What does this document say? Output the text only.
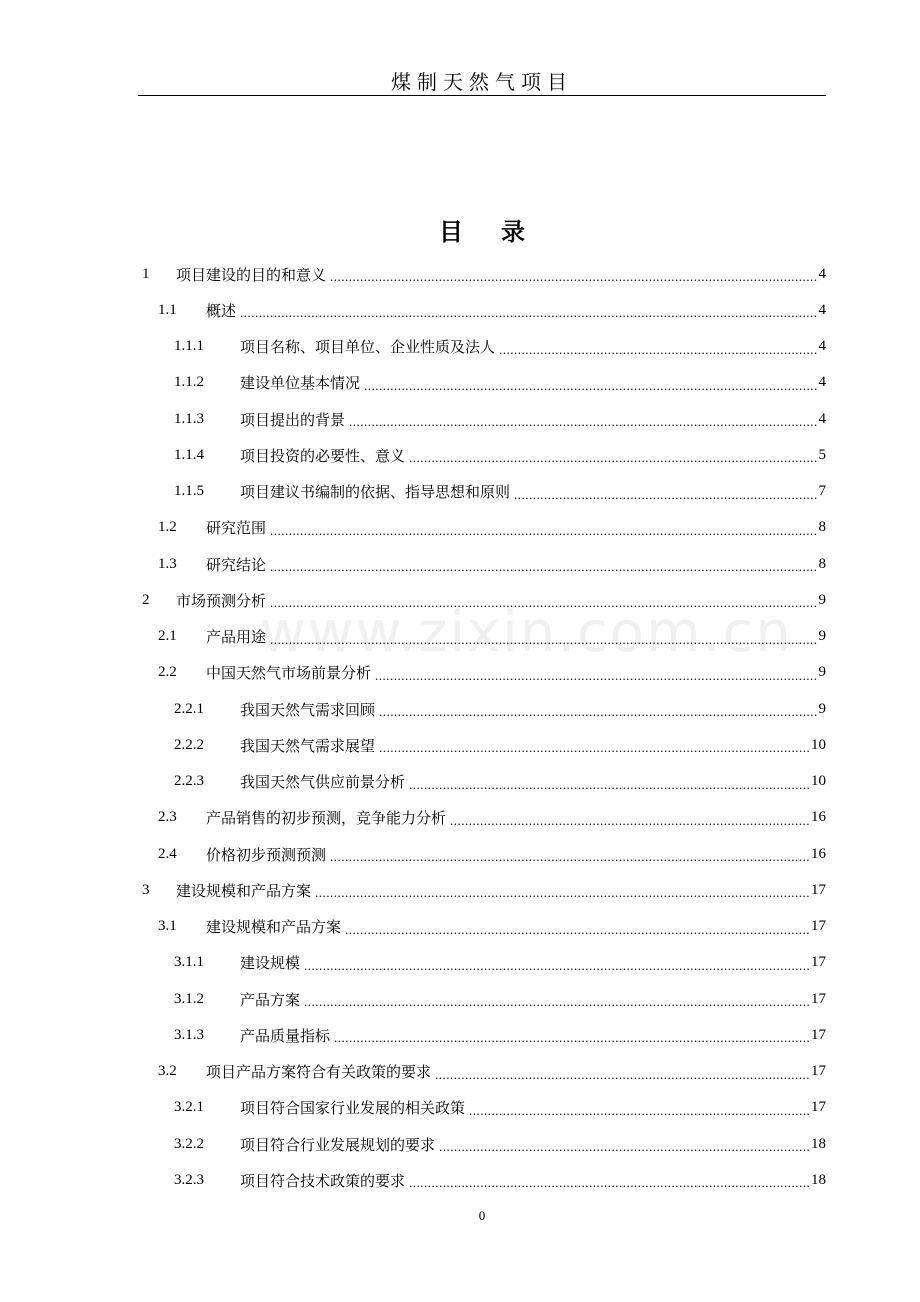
煤制天然气项目
目 录
www.zixin.com.cn
1	项目建设的目的和意义 .....	4
1.1	概述 .....	4
1.1.1	项目名称、项目单位、企业性质及法人 .....	4
1.1.2	建设单位基本情况 .....	4
1.1.3	项目提出的背景 .....	4
1.1.4	项目投资的必要性、意义 .....	5
1.1.5	项目建议书编制的依据、指导思想和原则 .....	7
1.2	研究范围 .....	8
1.3	研究结论 .....	8
2	市场预测分析 .....	9
2.1	产品用途 .....	9
2.2	中国天然气市场前景分析 .....	9
2.2.1	我国天然气需求回顾 .....	9
2.2.2	我国天然气需求展望 .....	10
2.2.3	我国天然气供应前景分析 .....	10
2.3	产品销售的初步预测，竞争能力分析 .....	16
2.4	价格初步预测预测 .....	16
3	建设规模和产品方案 .....	17
3.1	建设规模和产品方案 .....	17
3.1.1	建设规模 .....	17
3.1.2	产品方案 .....	17
3.1.3	产品质量指标 .....	17
3.2	项目产品方案符合有关政策的要求 .....	17
3.2.1	项目符合国家行业发展的相关政策 .....	17
3.2.2	项目符合行业发展规划的要求 .....	18
3.2.3	项目符合技术政策的要求 .....	18
0
